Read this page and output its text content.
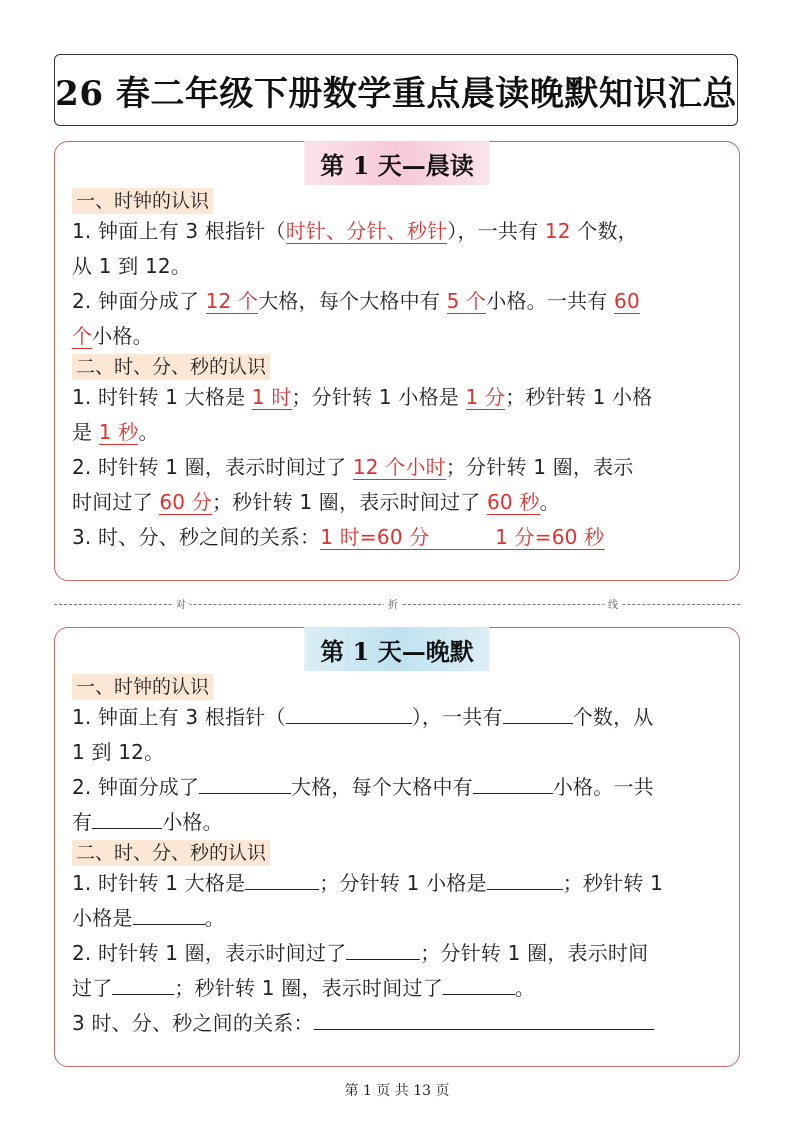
26 春二年级下册数学重点晨读晚默知识汇总
第 1 天—晨读
一、时钟的认识

1. 钟面上有 3 根指针（时针、分针、秒针），一共有 12 个数，
从 1 到 12。

2. 钟面分成了 12 个大格，每个大格中有 5 个小格。一共有 60
个小格。

二、时、分、秒的认识

1. 时针转 1 大格是 1 时；分针转 1 小格是 1 分；秒针转 1 小格
是 1 秒。

2. 时针转 1 圈，表示时间过了 12 个小时；分针转 1 圈，表示
时间过了 60 分；秒针转 1 圈，表示时间过了 60 秒。

3. 时、分、秒之间的关系：1 时=60 分          1 分=60 秒

对	折	线
第 1 天—晚默
一、时钟的认识

1. 钟面上有 3 根指针（	），一共有	个数，从
1 到 12。

2. 钟面分成了	大格，每个大格中有	小格。一共
有	小格。

二、时、分、秒的认识

1. 时针转 1 大格是	；分针转 1 小格是	；秒针转 1
小格是	。

2. 时针转 1 圈，表示时间过了	；分针转 1 圈，表示时间
过了	；秒针转 1 圈，表示时间过了	。

3 时、分、秒之间的关系：

第 1 页 共 13 页
